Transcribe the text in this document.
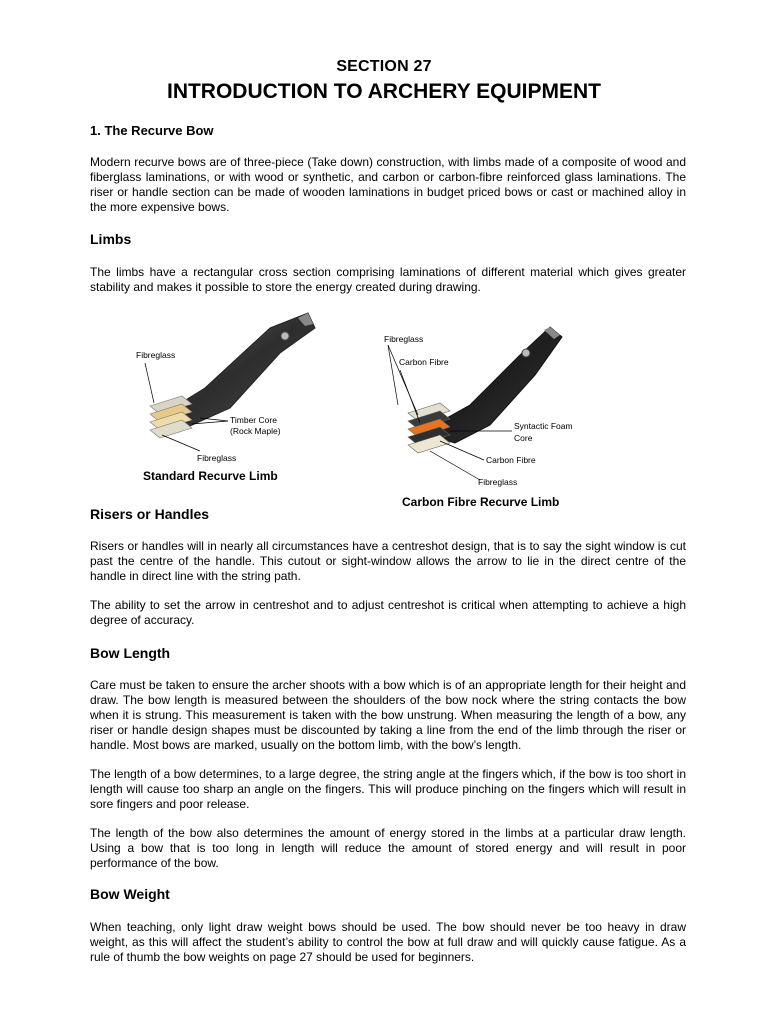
SECTION 27
INTRODUCTION TO ARCHERY EQUIPMENT
1. The Recurve Bow

Modern recurve bows are of three-piece (Take down) construction, with limbs made of a composite of wood and fiberglass laminations, or with wood or synthetic, and carbon or carbon-fibre reinforced glass laminations. The riser or handle section can be made of wooden laminations in budget priced bows or cast or machined alloy in the more expensive bows.

Limbs

The limbs have a rectangular cross section comprising laminations of different material which gives greater stability and makes it possible to store the energy created during drawing.

Fibreglass
Timber Core
(Rock Maple)
Fibreglass
Standard Recurve Limb
Fibreglass
Carbon Fibre
Syntactic Foam
Core
Carbon Fibre
Fibreglass
Carbon Fibre Recurve Limb
Risers or Handles

Risers or handles will in nearly all circumstances have a centreshot design, that is to say the sight window is cut past the centre of the handle. This cutout or sight-window allows the arrow to lie in the direct centre of the handle in direct line with the string path.

The ability to set the arrow in centreshot and to adjust centreshot is critical when attempting to achieve a high degree of accuracy.

Bow Length

Care must be taken to ensure the archer shoots with a bow which is of an appropriate length for their height and draw. The bow length is measured between the shoulders of the bow nock where the string contacts the bow when it is strung. This measurement is taken with the bow unstrung. When measuring the length of a bow, any riser or handle design shapes must be discounted by taking a line from the end of the limb through the riser or handle. Most bows are marked, usually on the bottom limb, with the bow’s length.

The length of a bow determines, to a large degree, the string angle at the fingers which, if the bow is too short in length will cause too sharp an angle on the fingers. This will produce pinching on the fingers which will result in sore fingers and poor release.

The length of the bow also determines the amount of energy stored in the limbs at a particular draw length. Using a bow that is too long in length will reduce the amount of stored energy and will result in poor performance of the bow.

Bow Weight

When teaching, only light draw weight bows should be used. The bow should never be too heavy in draw weight, as this will affect the student’s ability to control the bow at full draw and will quickly cause fatigue. As a rule of thumb the bow weights on page 27 should be used for beginners.
